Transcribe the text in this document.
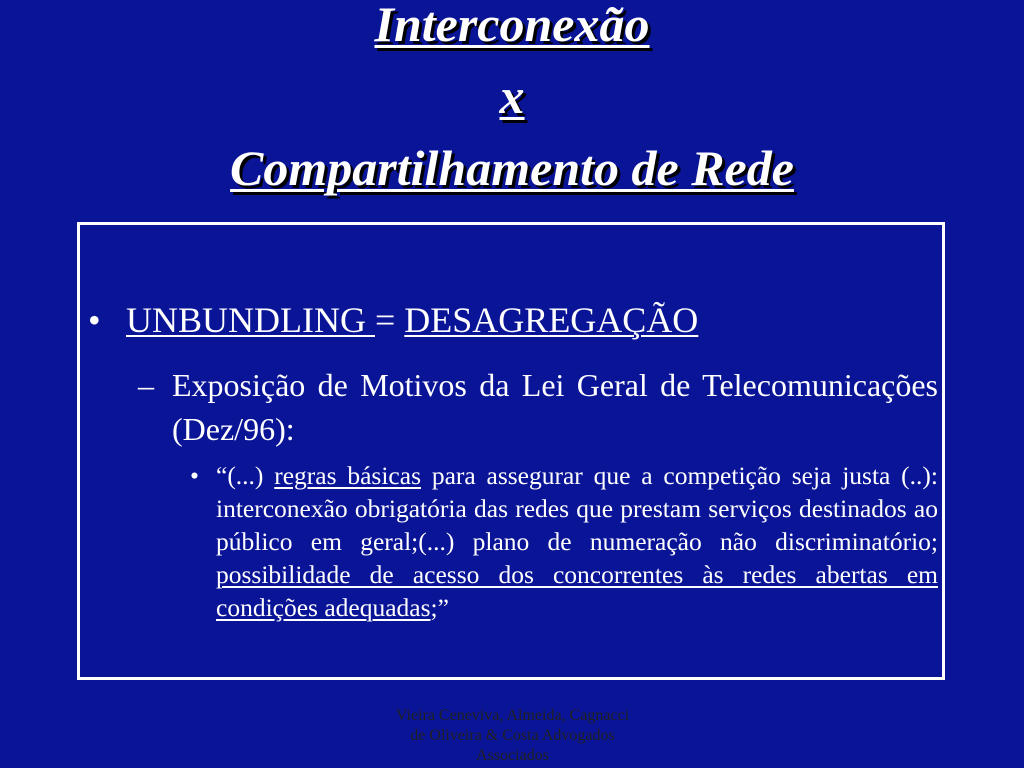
Interconexão
x
Compartilhamento de Rede
• UNBUNDLING = DESAGREGAÇÃO
– Exposição de Motivos da Lei Geral de Telecomunicações (Dez/96):
• “(...) regras básicas para assegurar que a competição seja justa (..): interconexão obrigatória das redes que prestam serviços destinados ao público em geral;(...) plano de numeração não discriminatório; possibilidade de acesso dos concorrentes às redes abertas em condições adequadas;”
Vieira Ceneviva, Almeida, Cagnacci
de Oliveira & Costa Advogados
Associados
